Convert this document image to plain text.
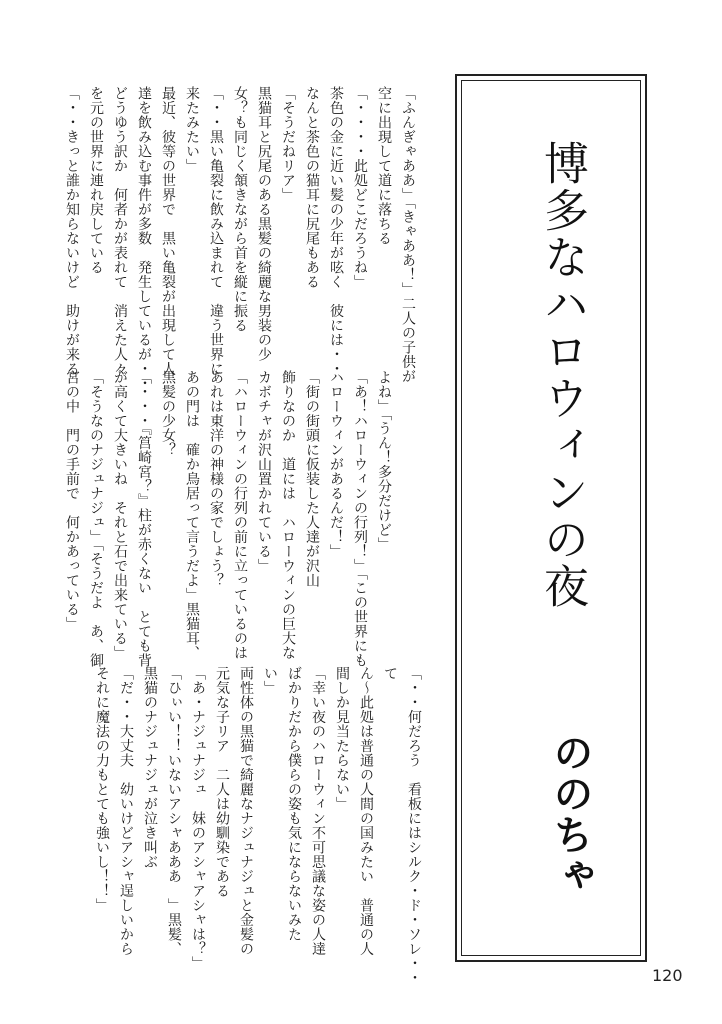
博多なハロウィンの夜
ののちゃ
「ふんぎゃああ」「きゃああ！」二人の子供が
空に出現して道に落ちる
「・・・・此処どこだろうね」
茶色の金に近い髪の少年が呟く　彼には・・
なんと茶色の猫耳に尻尾もある
「そうだねリア」
黒猫耳と尻尾のある黒髪の綺麗な男装の少
女？も同じく頷きながら首を縦に振る
「・・黒い亀裂に飲み込まれて　違う世界に
来たみたい」
最近、彼等の世界で　黒い亀裂が出現して人
達を飲み込む事件が多数　発生しているが・・
どうゆう訳か　何者かが表れて　消えた人々
を元の世界に連れ戻している
「・・きっと誰か知らないけど　助けが来る
よね」「うん！多分だけど」
「あ！ハローウィンの行列！」「この世界にも
ハローウィンがあるんだ！」
「街の街頭に仮装した人達が沢山
飾りなのか　道には　ハローウィンの巨大な
カボチャが沢山置かれている」
「ハローウィンの行列の前に立っているのは
あれは東洋の神様の家でしょう？
あの門は　確か鳥居って言うだよ」黒猫耳、
黒髪の少女？
「・・・『筥崎宮？』柱が赤くない　とても背
が高くて大きいね　それと石で出来ている」
「そうなのナジュナジュ」「そうだよ　あ、御
宮の中　門の手前で　何かあっている」
「・・何だろう　看板にはシルク・ド・ソレ・・
て
ん～此処は普通の人間の国みたい　普通の人
間しか見当たらない」
「幸い夜のハローウィン不可思議な姿の人達
ばかりだから僕らの姿も気にならないみた
い」
両性体の黒猫で綺麗なナジュナジュと金髪の
元気な子リア　二人は幼馴染である
「あ・ナジュナジュ　妹のアシャアシャは？」
「ひぃい！！いないアシャあああ　」黒髪、
黒猫のナジュナジュが泣き叫ぶ
「だ・・大丈夫　幼いけどアシャ逞しいから
それに魔法の力もとても強いし！！」
120
